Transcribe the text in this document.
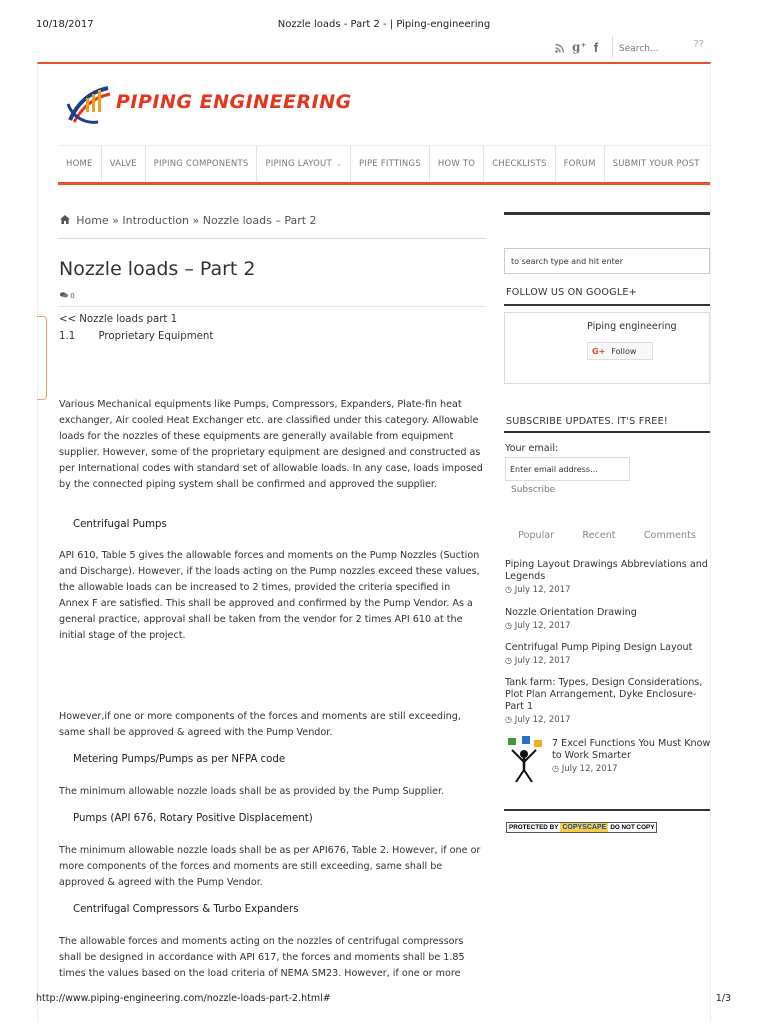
10/18/2017	Nozzle loads - Part 2 - | Piping-engineering
g⁺ f
Search...	??
PIPING ENGINEERING
HOME	VALVE	PIPING COMPONENTS	PIPING LAYOUT ⌄	PIPE FITTINGS	HOW TO	CHECKLISTS	FORUM	SUBMIT YOUR POST
Home » Introduction » Nozzle loads – Part 2
Nozzle loads – Part 2
0
<< Nozzle loads part 1
1.1 Proprietary Equipment
Various Mechanical equipments like Pumps, Compressors, Expanders, Plate-fin heat exchanger, Air cooled Heat Exchanger etc. are classified under this category. Allowable loads for the nozzles of these equipments are generally available from equipment supplier. However, some of the proprietary equipment are designed and constructed as per International codes with standard set of allowable loads. In any case, loads imposed by the connected piping system shall be confirmed and approved the supplier.
Centrifugal Pumps
API 610, Table 5 gives the allowable forces and moments on the Pump Nozzles (Suction and Discharge). However, if the loads acting on the Pump nozzles exceed these values, the allowable loads can be increased to 2 times, provided the criteria specified in Annex F are satisfied. This shall be approved and confirmed by the Pump Vendor. As a general practice, approval shall be taken from the vendor for 2 times API 610 at the initial stage of the project.
However,if one or more components of the forces and moments are still exceeding, same shall be approved & agreed with the Pump Vendor.
Metering Pumps/Pumps as per NFPA code
The minimum allowable nozzle loads shall be as provided by the Pump Supplier.
Pumps (API 676, Rotary Positive Displacement)
The minimum allowable nozzle loads shall be as per API676, Table 2. However, if one or more components of the forces and moments are still exceeding, same shall be approved & agreed with the Pump Vendor.
Centrifugal Compressors & Turbo Expanders
The allowable forces and moments acting on the nozzles of centrifugal compressors shall be designed in accordance with API 617, the forces and moments shall be 1.85 times the values based on the load criteria of NEMA SM23. However, if one or more
to search type and hit enter
FOLLOW US ON GOOGLE+
Piping engineering
G+ Follow
SUBSCRIBE UPDATES. IT'S FREE!
Your email:
Enter email address...
Subscribe
Popular	Recent	Comments
Piping Layout Drawings Abbreviations and Legends
◷ July 12, 2017
Nozzle Orientation Drawing
◷ July 12, 2017
Centrifugal Pump Piping Design Layout
◷ July 12, 2017
Tank farm: Types, Design Considerations, Plot Plan Arrangement, Dyke Enclosure- Part 1
◷ July 12, 2017
7 Excel Functions You Must Know to Work Smarter
◷ July 12, 2017
PROTECTED BY COPYSCAPE DO NOT COPY
http://www.piping-engineering.com/nozzle-loads-part-2.html#	1/3
